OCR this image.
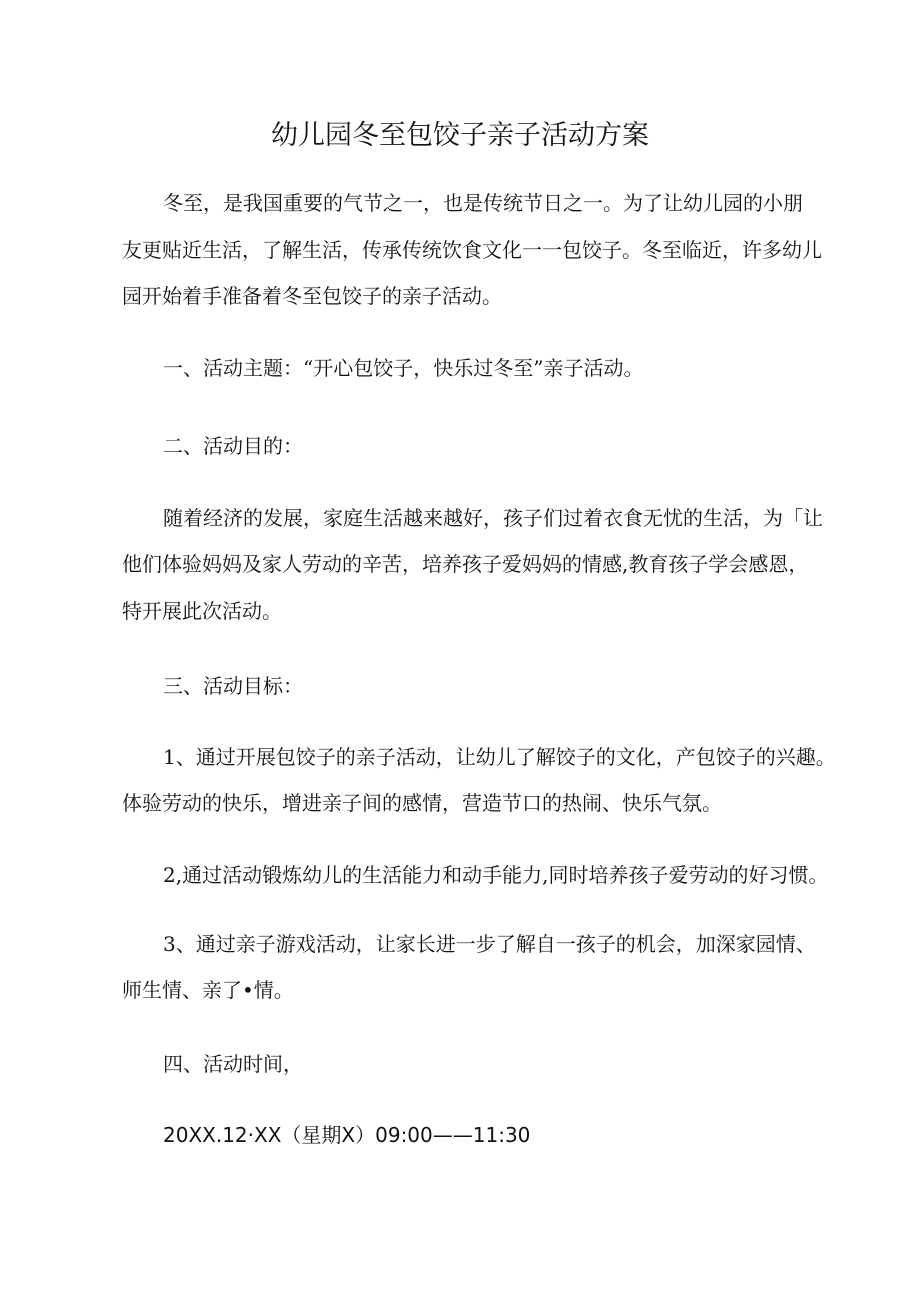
幼儿园冬至包饺子亲子活动方案
冬至，是我国重要的气节之一，也是传统节日之一。为了让幼儿园的小朋
友更贴近生活，了解生活，传承传统饮食文化一一包饺子。冬至临近，许多幼儿
园开始着手准备着冬至包饺子的亲子活动。
一、活动主题：“开心包饺子，快乐过冬至”亲子活动。
二、活动目的：
随着经济的发展，家庭生活越来越好，孩子们过着衣食无忧的生活，为「让
他们体验妈妈及家人劳动的辛苦，培养孩子爱妈妈的情感,教育孩子学会感恩，
特开展此次活动。
三、活动目标：
1、通过开展包饺子的亲子活动，让幼儿了解饺子的文化，产包饺子的兴趣。
体验劳动的快乐，增进亲子间的感情，营造节口的热闹、快乐气氛。
2,通过活动锻炼幼儿的生活能力和动手能力,同时培养孩子爱劳动的好习惯。
3、通过亲子游戏活动，让家长进一步了解自一孩子的机会，加深家园情、
师生情、亲了•情。
四、活动时间，
20XX.12·XX（星期X）09:00——11:30
